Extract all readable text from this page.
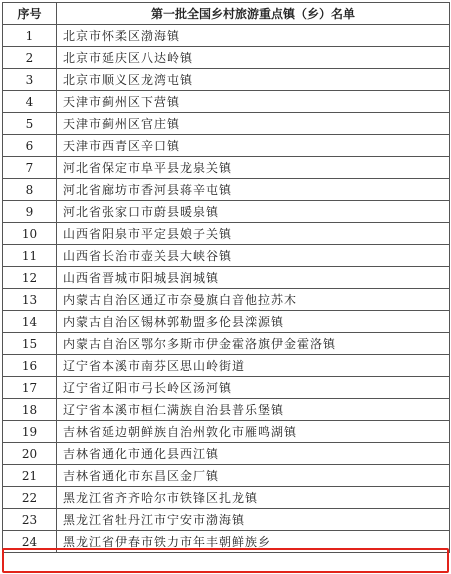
序号	第一批全国乡村旅游重点镇（乡）名单
1	北京市怀柔区渤海镇
2	北京市延庆区八达岭镇
3	北京市顺义区龙湾屯镇
4	天津市蓟州区下营镇
5	天津市蓟州区官庄镇
6	天津市西青区辛口镇
7	河北省保定市阜平县龙泉关镇
8	河北省廊坊市香河县蒋辛屯镇
9	河北省张家口市蔚县暖泉镇
10	山西省阳泉市平定县娘子关镇
11	山西省长治市壶关县大峡谷镇
12	山西省晋城市阳城县润城镇
13	内蒙古自治区通辽市奈曼旗白音他拉苏木
14	内蒙古自治区锡林郭勒盟多伦县滦源镇
15	内蒙古自治区鄂尔多斯市伊金霍洛旗伊金霍洛镇
16	辽宁省本溪市南芬区思山岭街道
17	辽宁省辽阳市弓长岭区汤河镇
18	辽宁省本溪市桓仁满族自治县普乐堡镇
19	吉林省延边朝鲜族自治州敦化市雁鸣湖镇
20	吉林省通化市通化县西江镇
21	吉林省通化市东昌区金厂镇
22	黑龙江省齐齐哈尔市铁锋区扎龙镇
23	黑龙江省牡丹江市宁安市渤海镇
24	黑龙江省伊春市铁力市年丰朝鲜族乡
